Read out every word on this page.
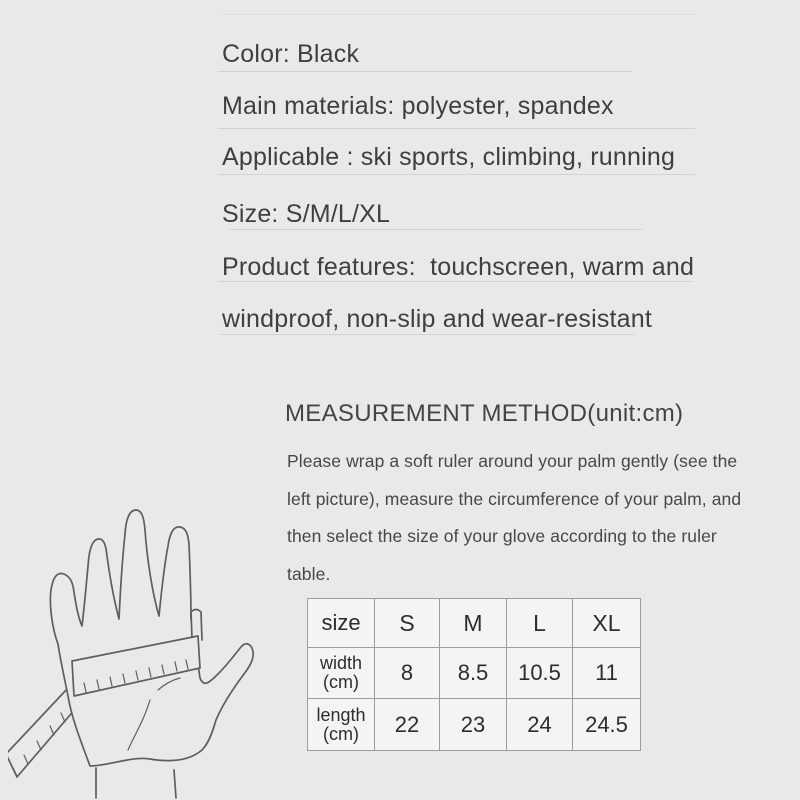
Color: Black

Main materials: polyester, spandex

Applicable : ski sports, climbing, running

Size: S/M/L/XL

Product features:  touchscreen, warm and

windproof, non-slip and wear-resistant

MEASUREMENT METHOD(unit:cm)

Please wrap a soft ruler around your palm gently (see the

left picture), measure the circumference of your palm, and

then select the size of your glove according to the ruler

table.

size	S	M	L	XL

width
(cm)	8	8.5	10.5	11

length
(cm)	22	23	24	24.5
